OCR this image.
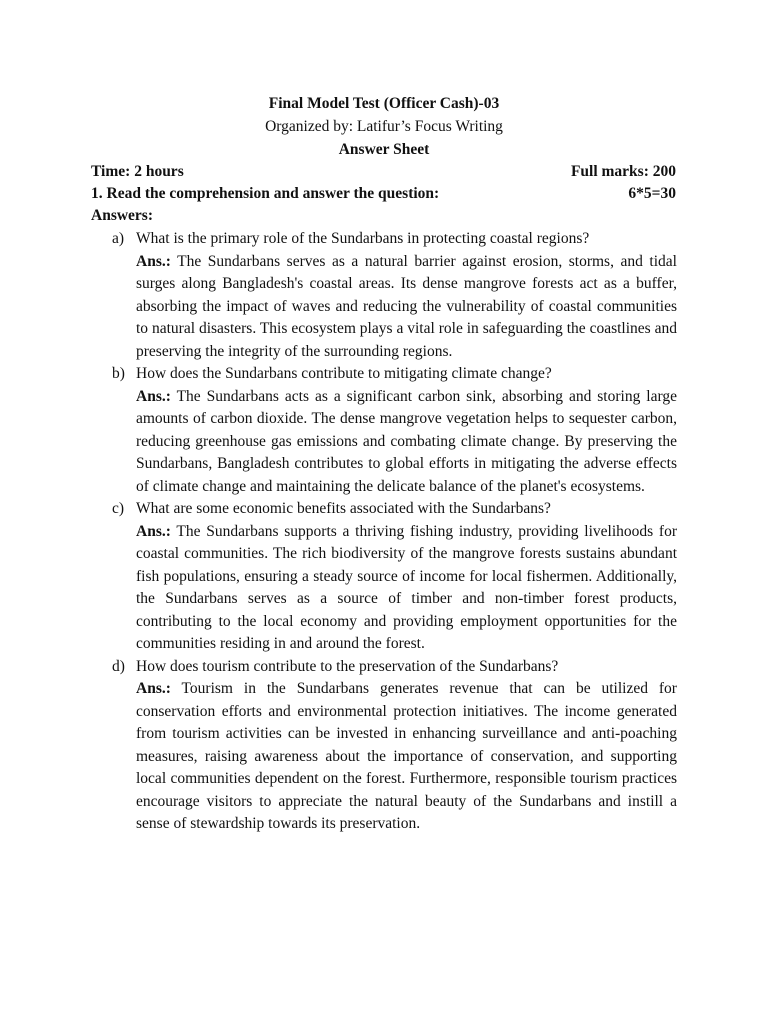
Final Model Test (Officer Cash)-03
Organized by: Latifur’s Focus Writing
Answer Sheet
Time: 2 hours	Full marks: 200
1. Read the comprehension and answer the question:	6*5=30
Answers:
a) What is the primary role of the Sundarbans in protecting coastal regions?

Ans.: The Sundarbans serves as a natural barrier against erosion, storms, and tidal surges along Bangladesh's coastal areas. Its dense mangrove forests act as a buffer, absorbing the impact of waves and reducing the vulnerability of coastal communities to natural disasters. This ecosystem plays a vital role in safeguarding the coastlines and preserving the integrity of the surrounding regions.

b) How does the Sundarbans contribute to mitigating climate change?

Ans.: The Sundarbans acts as a significant carbon sink, absorbing and storing large amounts of carbon dioxide. The dense mangrove vegetation helps to sequester carbon, reducing greenhouse gas emissions and combating climate change. By preserving the Sundarbans, Bangladesh contributes to global efforts in mitigating the adverse effects of climate change and maintaining the delicate balance of the planet's ecosystems.

c) What are some economic benefits associated with the Sundarbans?

Ans.: The Sundarbans supports a thriving fishing industry, providing livelihoods for coastal communities. The rich biodiversity of the mangrove forests sustains abundant fish populations, ensuring a steady source of income for local fishermen. Additionally, the Sundarbans serves as a source of timber and non-timber forest products, contributing to the local economy and providing employment opportunities for the communities residing in and around the forest.

d) How does tourism contribute to the preservation of the Sundarbans?

Ans.: Tourism in the Sundarbans generates revenue that can be utilized for conservation efforts and environmental protection initiatives. The income generated from tourism activities can be invested in enhancing surveillance and anti-poaching measures, raising awareness about the importance of conservation, and supporting local communities dependent on the forest. Furthermore, responsible tourism practices encourage visitors to appreciate the natural beauty of the Sundarbans and instill a sense of stewardship towards its preservation.
